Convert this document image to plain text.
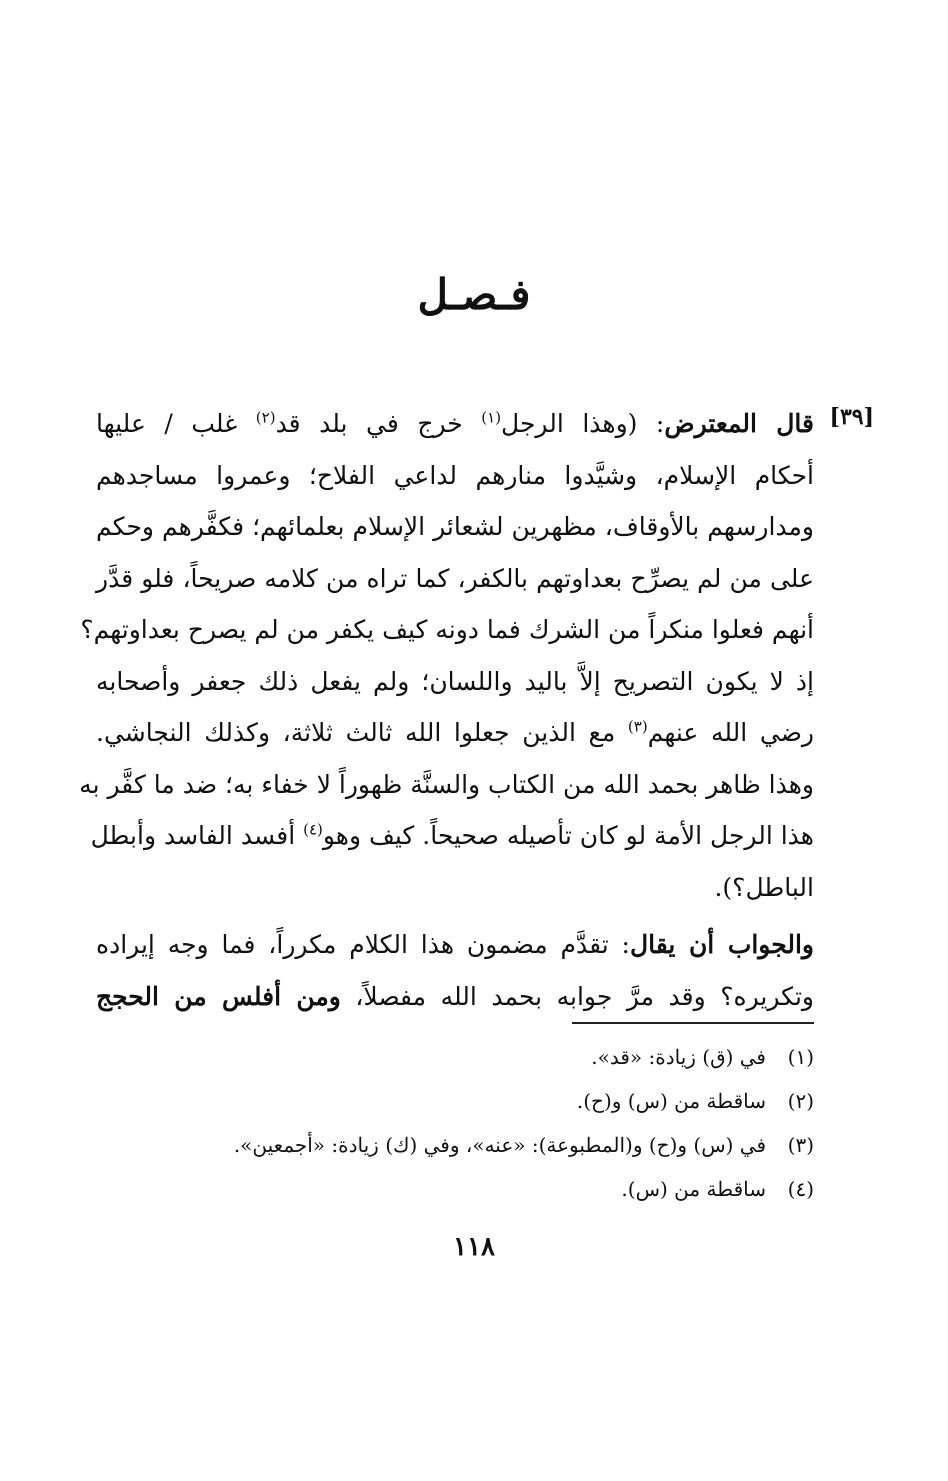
فـصـل
[٣٩]
قال المعترض: (وهذا الرجل$^{(١)}$ خرج في بلد قد$^{(٢)}$ غلب / عليها
أحكام الإسلام، وشيَّدوا منارهم لداعي الفلاح؛ وعمروا مساجدهم
ومدارسهم بالأوقاف، مظهرين لشعائر الإسلام بعلمائهم؛ فكفَّرهم وحكم
على من لم يصرِّح بعداوتهم بالكفر، كما تراه من كلامه صريحاً، فلو قدَّر
أنهم فعلوا منكراً من الشرك فما دونه كيف يكفر من لم يصرح بعداوتهم؟
إذ لا يكون التصريح إلاَّ باليد واللسان؛ ولم يفعل ذلك جعفر وأصحابه
رضي الله عنهم$^{(٣)}$ مع الذين جعلوا الله ثالث ثلاثة، وكذلك النجاشي.
وهذا ظاهر بحمد الله من الكتاب والسنَّة ظهوراً لا خفاء به؛ ضد ما كفَّر به
هذا الرجل الأمة لو كان تأصيله صحيحاً. كيف وهو$^{(٤)}$ أفسد الفاسد وأبطل
الباطل؟).
والجواب أن يقال: تقدَّم مضمون هذا الكلام مكرراً، فما وجه إيراده
وتكريره؟ وقد مرَّ جوابه بحمد الله مفصلاً، ومن أفلس من الحجج
(١)في (ق) زيادة: «قد».
(٢)ساقطة من (س) و(ح).
(٣)في (س) و(ح) و(المطبوعة): «عنه»، وفي (ك) زيادة: «أجمعين».
(٤)ساقطة من (س).
١١٨
